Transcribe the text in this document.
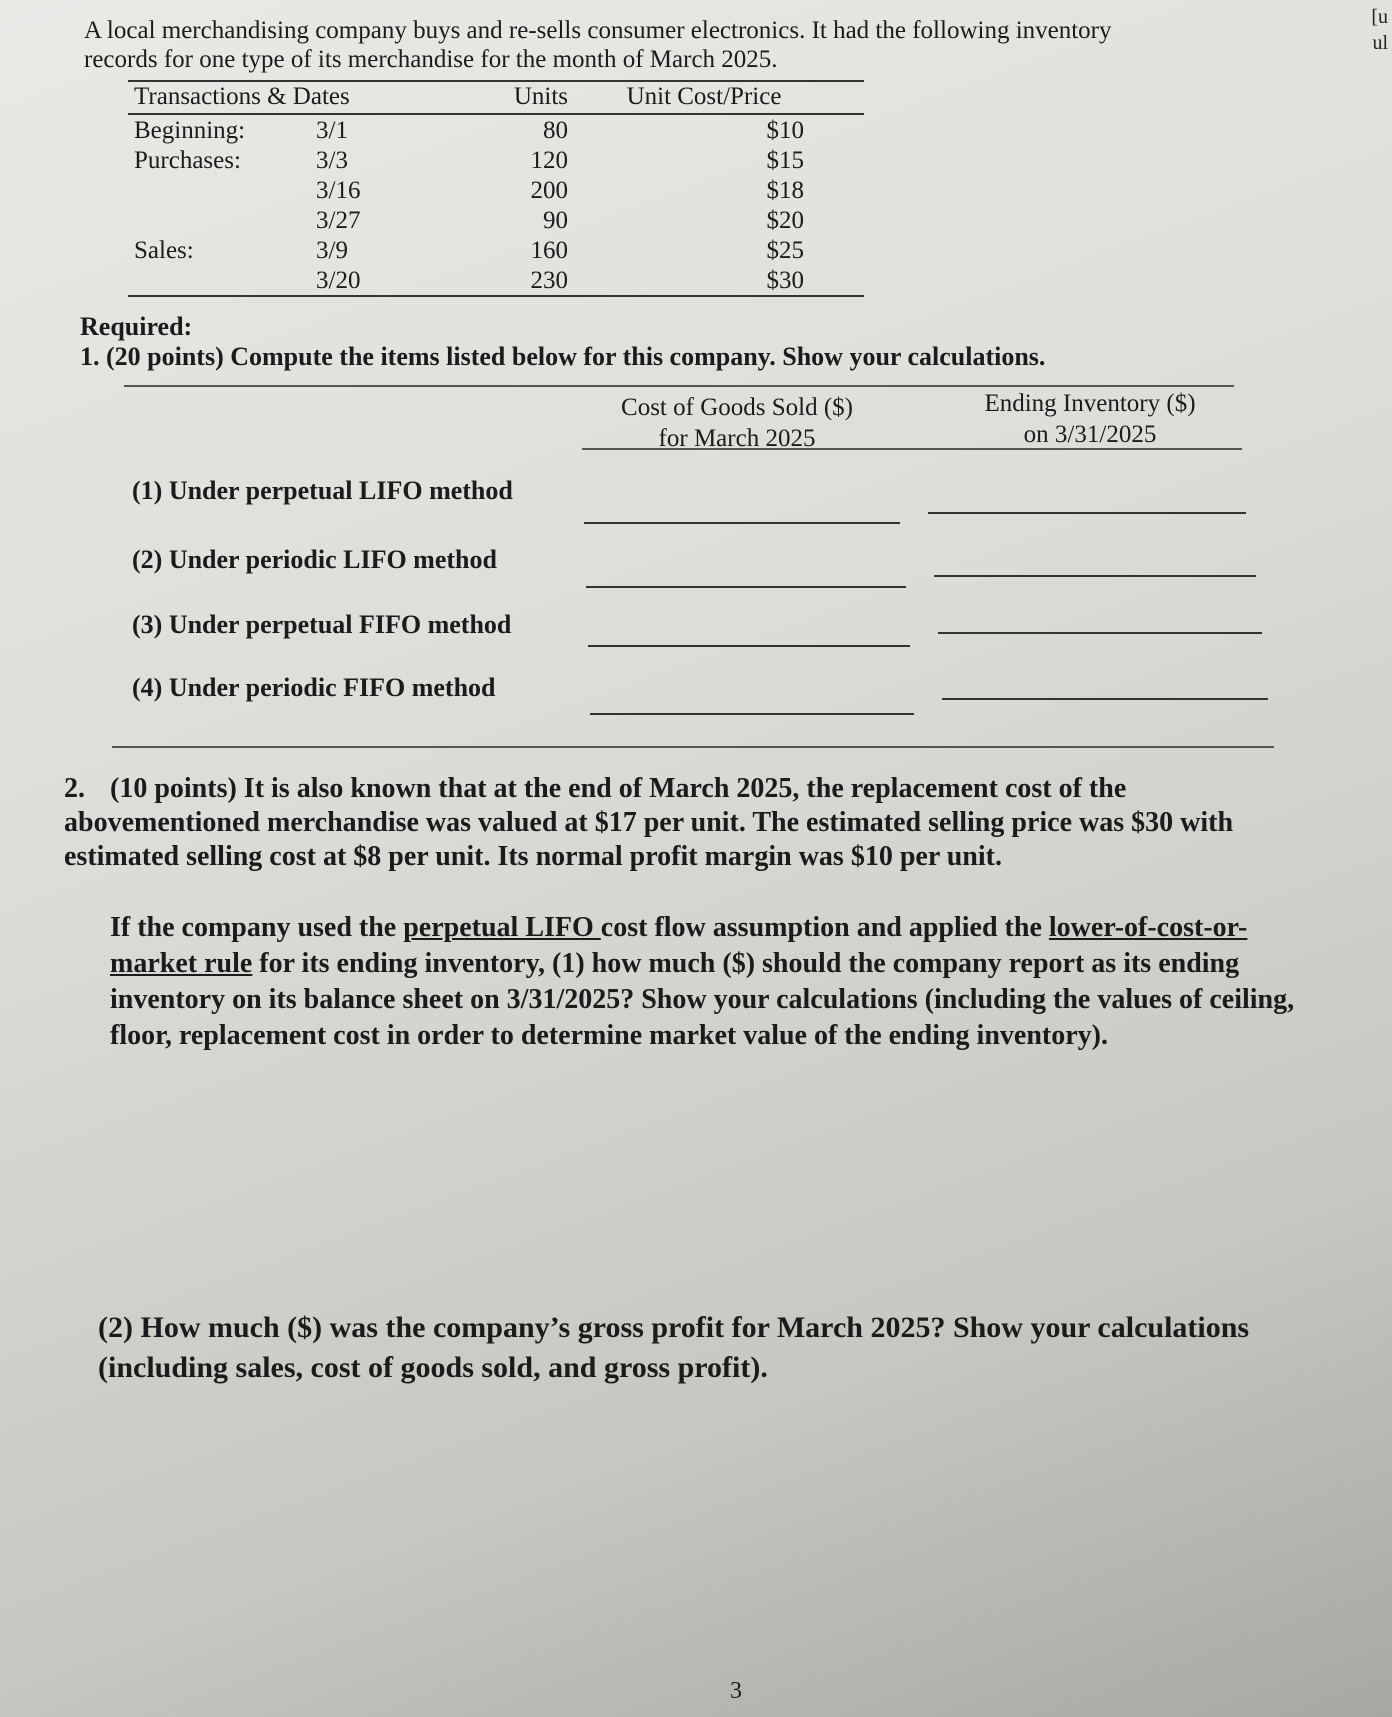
[u
ul
A local merchandising company buys and re-sells consumer electronics. It had the following inventory records for one type of its merchandise for the month of March 2025.
Transactions & Dates		Units	Unit Cost/Price
Beginning:	3/1	80	$10
Purchases:	3/3	120	$15
	3/16	200	$18
	3/27	90	$20
Sales:	3/9	160	$25
	3/20	230	$30
Required:
1. (20 points) Compute the items listed below for this company. Show your calculations.
Cost of Goods Sold ($)
for March 2025
Ending Inventory ($)
on 3/31/2025
(1) Under perpetual LIFO method
(2) Under periodic LIFO method
(3) Under perpetual FIFO method
(4) Under periodic FIFO method
2. (10 points) It is also known that at the end of March 2025, the replacement cost of the abovementioned merchandise was valued at $17 per unit. The estimated selling price was $30 with estimated selling cost at $8 per unit. Its normal profit margin was $10 per unit.
If the company used the perpetual LIFO cost flow assumption and applied the lower-of-cost-or-market rule for its ending inventory, (1) how much ($) should the company report as its ending inventory on its balance sheet on 3/31/2025? Show your calculations (including the values of ceiling, floor, replacement cost in order to determine market value of the ending inventory).
(2) How much ($) was the company’s gross profit for March 2025? Show your calculations (including sales, cost of goods sold, and gross profit).
3
